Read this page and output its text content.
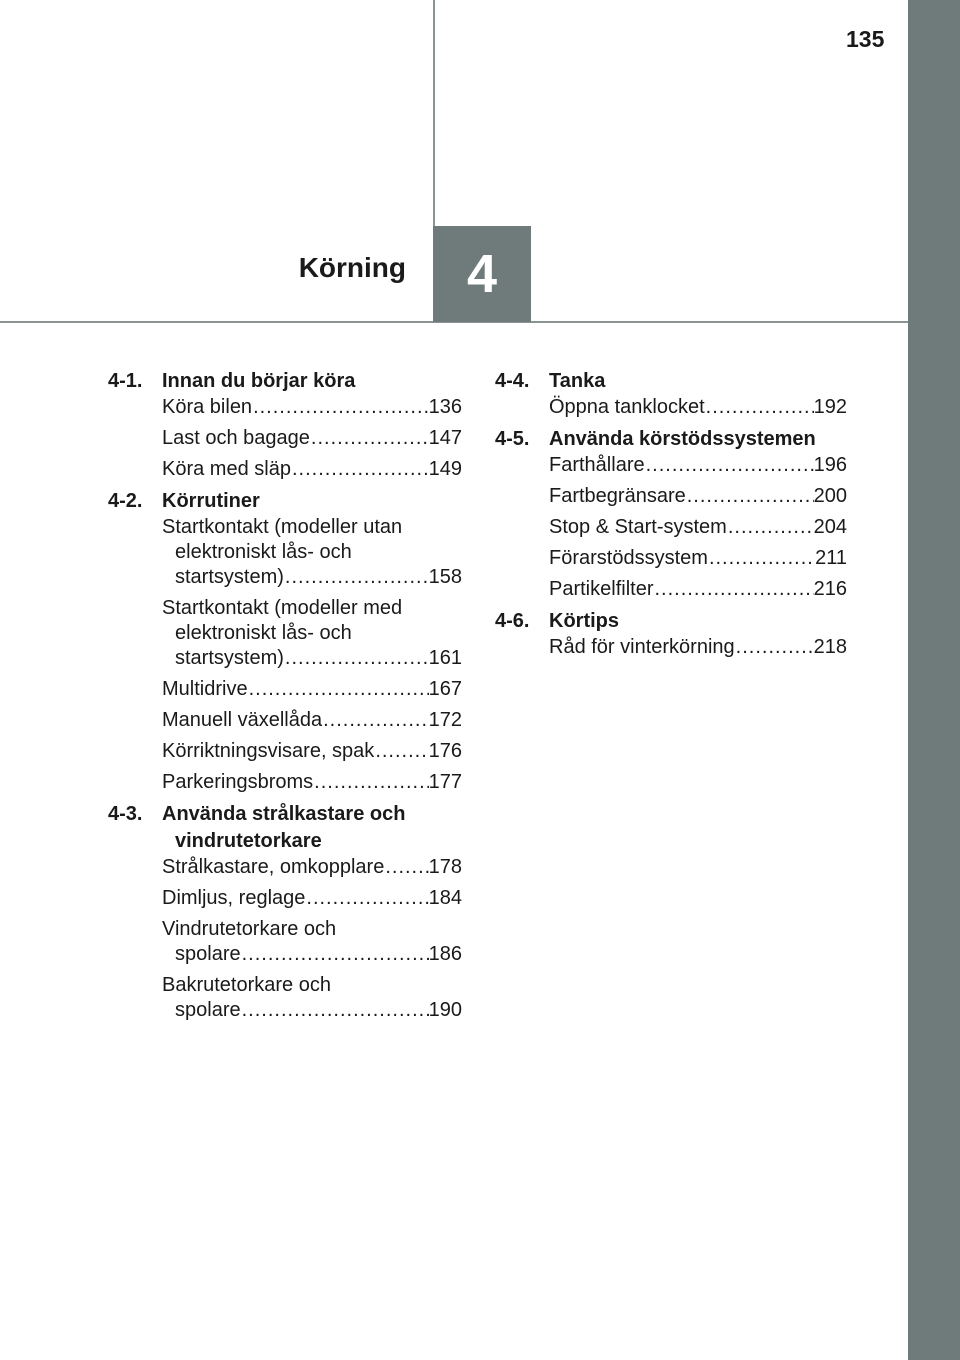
135
4
Körning
4-1. Innan du börjar köra
Köra bilen .....	136
Last och bagage .....	147
Köra med släp .....	149
4-2. Körrutiner
Startkontakt (modeller utan
elektroniskt lås- och
startsystem) .....	158
Startkontakt (modeller med
elektroniskt lås- och
startsystem) .....	161
Multidrive .....	167
Manuell växellåda .....	172
Körriktningsvisare, spak .....	176
Parkeringsbroms .....	177
4-3. Använda strålkastare och vindrutetorkare
Strålkastare, omkopplare ..... 178
Dimljus, reglage .....	184
Vindrutetorkare och
spolare .....	186
Bakrutetorkare och
spolare .....	190
4-4. Tanka
Öppna tanklocket .....	192
4-5. Använda körstödssystemen
Farthållare .....	196
Fartbegränsare .....	200
Stop & Start-system .....	204
Förarstödssystem .....	211
Partikelfilter .....	216
4-6. Körtips
Råd för vinterkörning .....	218
